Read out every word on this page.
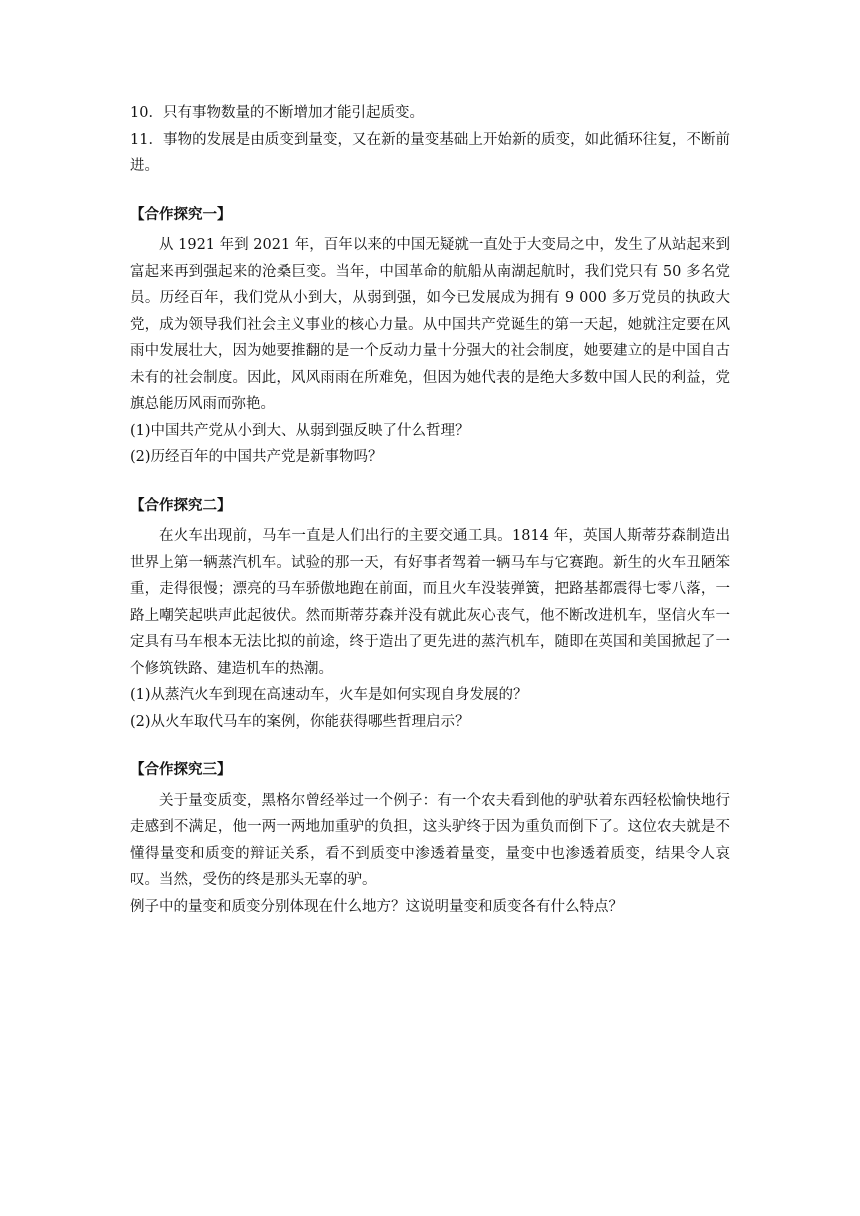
10．只有事物数量的不断增加才能引起质变。

11．事物的发展是由质变到量变，又在新的量变基础上开始新的质变，如此循环往复，不断前进。

【合作探究一】

从 1921 年到 2021 年，百年以来的中国无疑就一直处于大变局之中，发生了从站起来到富起来再到强起来的沧桑巨变。当年，中国革命的航船从南湖起航时，我们党只有 50 多名党员。历经百年，我们党从小到大，从弱到强，如今已发展成为拥有 9 000 多万党员的执政大党，成为领导我们社会主义事业的核心力量。从中国共产党诞生的第一天起，她就注定要在风雨中发展壮大，因为她要推翻的是一个反动力量十分强大的社会制度，她要建立的是中国自古未有的社会制度。因此，风风雨雨在所难免，但因为她代表的是绝大多数中国人民的利益，党旗总能历风雨而弥艳。

(1)中国共产党从小到大、从弱到强反映了什么哲理？

(2)历经百年的中国共产党是新事物吗？

【合作探究二】

在火车出现前，马车一直是人们出行的主要交通工具。1814 年，英国人斯蒂芬森制造出世界上第一辆蒸汽机车。试验的那一天，有好事者驾着一辆马车与它赛跑。新生的火车丑陋笨重，走得很慢；漂亮的马车骄傲地跑在前面，而且火车没装弹簧，把路基都震得七零八落，一路上嘲笑起哄声此起彼伏。然而斯蒂芬森并没有就此灰心丧气，他不断改进机车，坚信火车一定具有马车根本无法比拟的前途，终于造出了更先进的蒸汽机车，随即在英国和美国掀起了一个修筑铁路、建造机车的热潮。

(1)从蒸汽火车到现在高速动车，火车是如何实现自身发展的？

(2)从火车取代马车的案例，你能获得哪些哲理启示？

【合作探究三】

关于量变质变，黑格尔曾经举过一个例子：有一个农夫看到他的驴驮着东西轻松愉快地行走感到不满足，他一两一两地加重驴的负担，这头驴终于因为重负而倒下了。这位农夫就是不懂得量变和质变的辩证关系，看不到质变中渗透着量变，量变中也渗透着质变，结果令人哀叹。当然，受伤的终是那头无辜的驴。

例子中的量变和质变分别体现在什么地方？这说明量变和质变各有什么特点？
